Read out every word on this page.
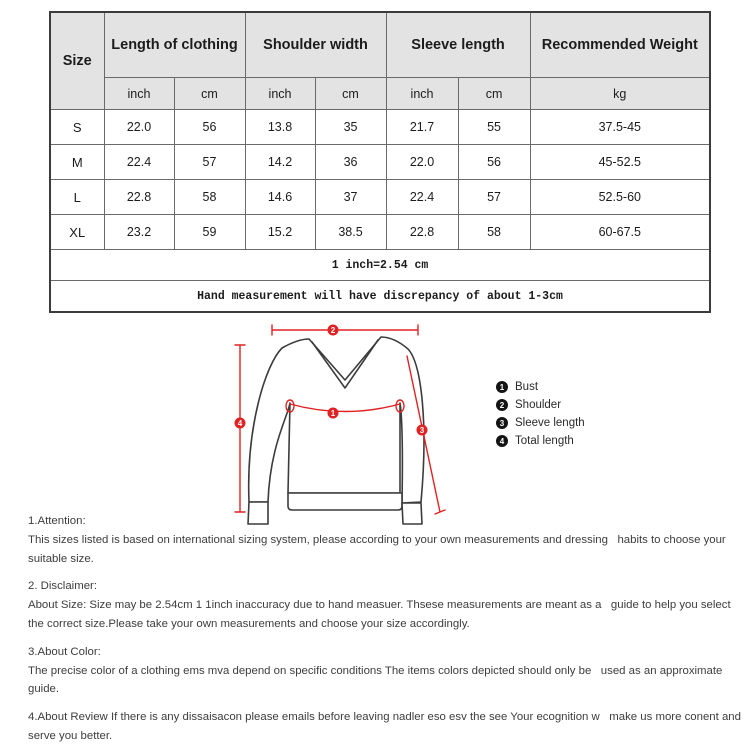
Size	Length of clothing		Shoulder width		Sleeve length		Recommended Weight
	inch	cm	inch	cm	inch	cm	kg
S	22.0	56	13.8	35	21.7	55	37.5-45
M	22.4	57	14.2	36	22.0	56	45-52.5
L	22.8	58	14.6	37	22.4	57	52.5-60
XL	23.2	59	15.2	38.5	22.8	58	60-67.5
1 inch=2.54 cm							
Hand measurement will have discrepancy of about 1-3cm							
1
2
3
4
1 Bust
2 Shoulder
3 Sleeve length
4 Total length
1.Attention:
This sizes listed is based on international sizing system, please according to your own measurements and dressing   habits to choose your suitable size.
2. Disclaimer:
About Size: Size may be 2.54cm 1 1inch inaccuracy due to hand measuer. Thsese measurements are meant as a   guide to help you select the correct size.Please take your own measurements and choose your size accordingly.
3.About Color:
The precise color of a clothing ems mva depend on specific conditions The items colors depicted should only be   used as an approximate guide.
4.About Review If there is any dissaisacon please emails before leaving nadler eso esv the see Your ecognition w   make us more conent and serve you better.
